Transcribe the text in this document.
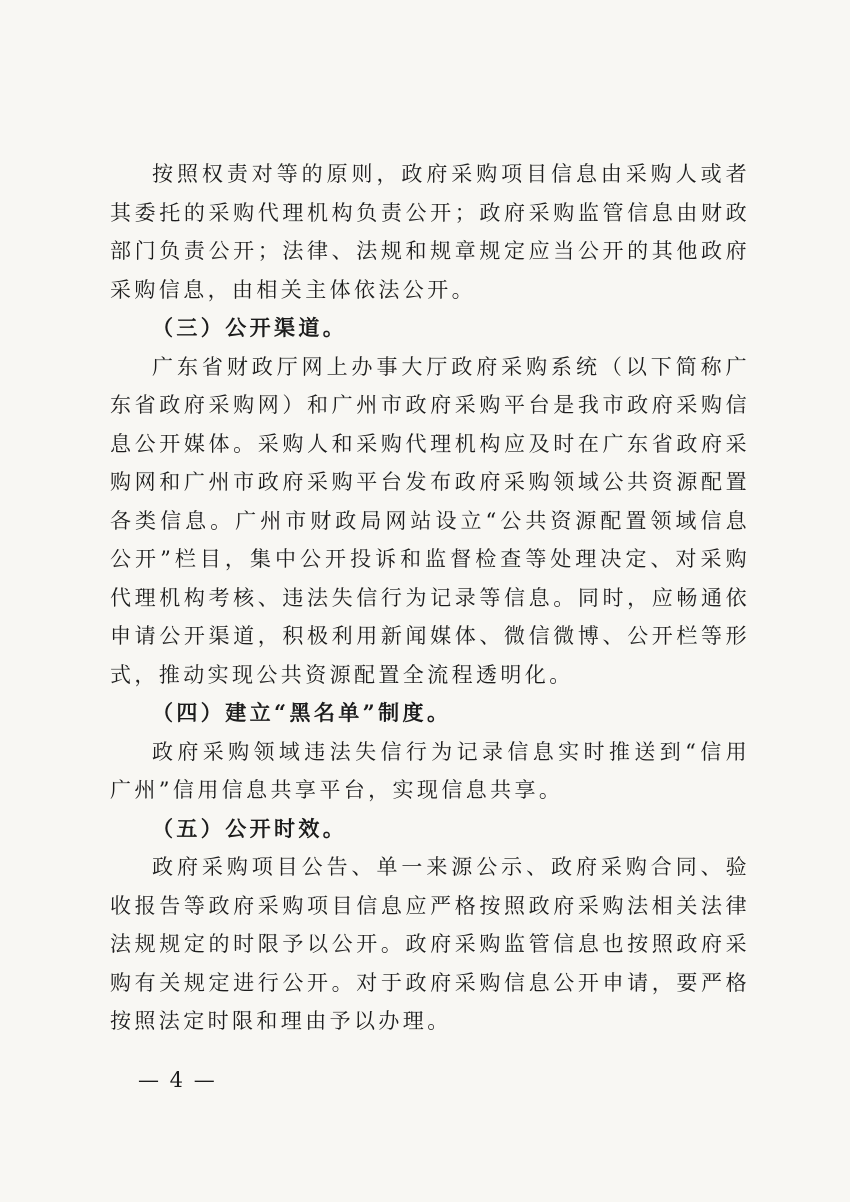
按照权责对等的原则，政府采购项目信息由采购人或者其委托的采购代理机构负责公开；政府采购监管信息由财政部门负责公开；法律、法规和规章规定应当公开的其他政府采购信息，由相关主体依法公开。

（三）公开渠道。

广东省财政厅网上办事大厅政府采购系统（以下简称广东省政府采购网）和广州市政府采购平台是我市政府采购信息公开媒体。采购人和采购代理机构应及时在广东省政府采购网和广州市政府采购平台发布政府采购领域公共资源配置各类信息。广州市财政局网站设立“公共资源配置领域信息公开”栏目，集中公开投诉和监督检查等处理决定、对采购代理机构考核、违法失信行为记录等信息。同时，应畅通依申请公开渠道，积极利用新闻媒体、微信微博、公开栏等形式，推动实现公共资源配置全流程透明化。

（四）建立“黑名单”制度。

政府采购领域违法失信行为记录信息实时推送到“信用广州”信用信息共享平台，实现信息共享。

（五）公开时效。

政府采购项目公告、单一来源公示、政府采购合同、验收报告等政府采购项目信息应严格按照政府采购法相关法律法规规定的时限予以公开。政府采购监管信息也按照政府采购有关规定进行公开。对于政府采购信息公开申请，要严格按照法定时限和理由予以办理。

— 4 —
